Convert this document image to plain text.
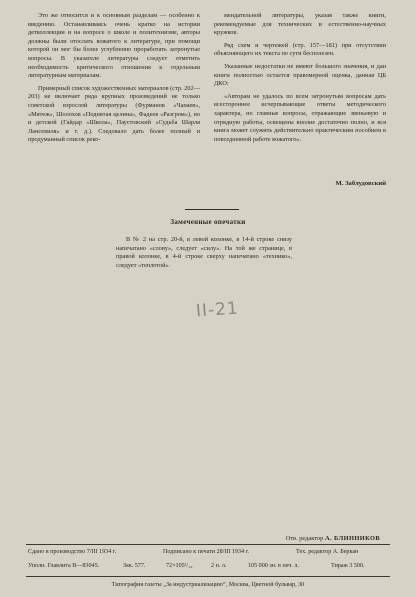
Это же относится и к основным разделам — особенно к введению. Останавливаясь очень кратко на истории детколлекции и на вопросе о школе и политехнизме, авторы должны были отослать вожатого к литературе, при помощи которой он мог бы более углубленно проработать затронутые вопросы. В указателе литературы следует отметить необходимость критического отношения к отдельным литературным материалам.

Примерный список художественных материалов (стр. 202—203) не включает ряда крупных произведений не только советской взрослой литературы (Фурманов «Чапаев», «Мятеж», Шолохов «Поднятая целина», Фадеев «Разгром»), но и детской (Гайдар «Школа», Паустовский «Судьба Шарля Лансевиля» и т. д.). Следовало дать более полный и продуманный список реко-

мендательной литературы, указав также книги, рекомендуемые для технических и естественно-научных кружков.

Ряд схем и чертежей (стр. 157—181) при отсутствии объясняющего их текста по сути бесполезен.

Указанные недостатки не имеют большого значения, и дан книги полностью остается правомерной оценка, данная ЦБ ДКО:

«Авторам не удалось по всем затронутым вопросам дать всестороннее исчерпывающие ответы методического характера, но главные вопросы, отражающие звеньевую и отрядную работы, освещены вполне достаточно полно, и вся книга может служить действительно практическим пособием в повседневной работе вожатого».

М. Заблудовский
Замеченные опечатки

В № 2 на стр. 20-й, в левой колонке, в 14-й строке снизу напечатано «слову», следует «силу». На той же странице, в правой колонке, в 4-й строке сверху напечатано «технико», следует «теплотой».

II-21
Отв. редактор А. БЛИННИКОВ
Сдано в производство 7/III 1934 г.	Подписано к печати 28/III 1934 г.	Тех. редактор А. Беркан
Уполн. Главлита В—83045.	Зак. 577.	72×105¹/₁₆	2 п. л.	105 000 зн. в печ. л.	Тираж 3 500.
Типография газеты „За индустриализацию“, Москва, Цветной бульвар, 30
